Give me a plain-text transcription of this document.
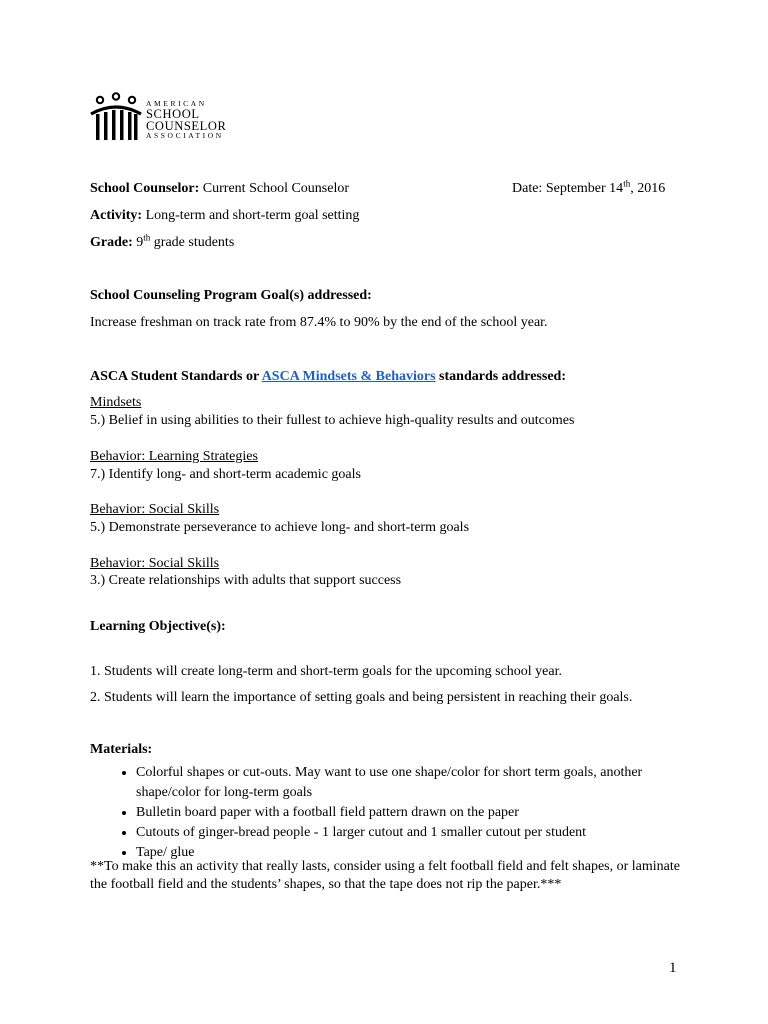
AMERICAN
SCHOOL
COUNSELOR
ASSOCIATION
School Counselor: Current School Counselor	Date: September 14th, 2016
Activity: Long-term and short-term goal setting
Grade: 9th grade students
School Counseling Program Goal(s) addressed:
Increase freshman on track rate from 87.4% to 90% by the end of the school year.
ASCA Student Standards or ASCA Mindsets & Behaviors standards addressed:
Mindsets
5.) Belief in using abilities to their fullest to achieve high-quality results and outcomes
Behavior: Learning Strategies
7.) Identify long- and short-term academic goals
Behavior: Social Skills
5.) Demonstrate perseverance to achieve long- and short-term goals
Behavior: Social Skills
3.) Create relationships with adults that support success
Learning Objective(s):
1. Students will create long-term and short-term goals for the upcoming school year.
2. Students will learn the importance of setting goals and being persistent in reaching their goals.
Materials:
• Colorful shapes or cut-outs. May want to use one shape/color for short term goals, another shape/color for long-term goals
• Bulletin board paper with a football field pattern drawn on the paper
• Cutouts of ginger-bread people - 1 larger cutout and 1 smaller cutout per student
• Tape/ glue
**To make this an activity that really lasts, consider using a felt football field and felt shapes, or laminate the football field and the students’ shapes, so that the tape does not rip the paper.***
1
